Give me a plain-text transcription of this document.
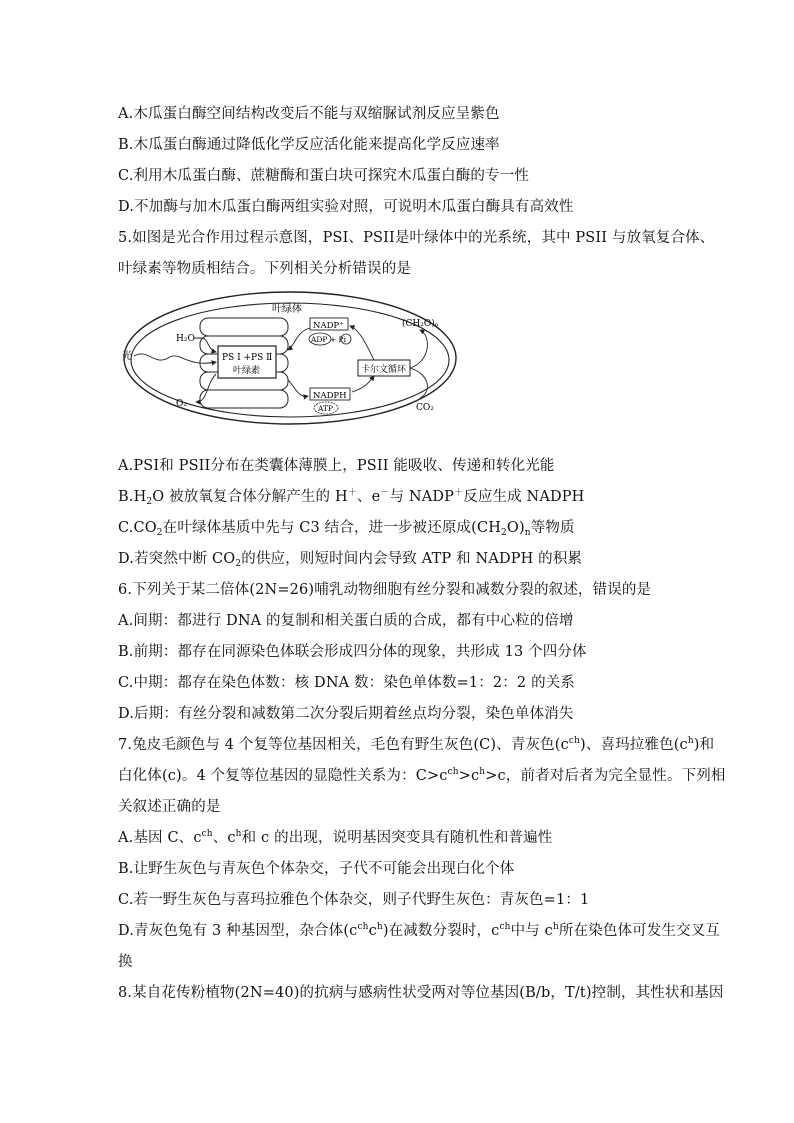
A.木瓜蛋白酶空间结构改变后不能与双缩脲试剂反应呈紫色
B.木瓜蛋白酶通过降低化学反应活化能来提高化学反应速率
C.利用木瓜蛋白酶、蔗糖酶和蛋白块可探究木瓜蛋白酶的专一性
D.不加酶与加木瓜蛋白酶两组实验对照，可说明木瓜蛋白酶具有高效性
5.如图是光合作用过程示意图，PSI、PSII是叶绿体中的光系统，其中 PSII 与放氧复合体、
叶绿素等物质相结合。下列相关分析错误的是
叶绿体
PS Ⅰ +PS Ⅱ
叶绿素
光
H₂O
O₂
NADP⁺
ADP + Pi
NADPH
ATP
卡尔文循环
(CH₂O)ₙ
CO₂
A.PSI和 PSII分布在类囊体薄膜上，PSII 能吸收、传递和转化光能
$B.H_2O$ 被放氧复合体分解产生的 H＋、e－与 NADP＋反应生成 NADPH
$C.CO_2$在叶绿体基质中先与 C3 结合，进一步被还原成$(CH_2O)_n$等物质
D.若突然中断 $CO_2$的供应，则短时间内会导致 ATP 和 NADPH 的积累
6.下列关于某二倍体(2N=26)哺乳动物细胞有丝分裂和减数分裂的叙述，错误的是
A.间期：都进行 DNA 的复制和相关蛋白质的合成，都有中心粒的倍增
B.前期：都存在同源染色体联会形成四分体的现象，共形成 13 个四分体
C.中期：都存在染色体数：核 DNA 数：染色单体数=1：2：2 的关系
D.后期：有丝分裂和减数第二次分裂后期着丝点均分裂，染色单体消失
7.兔皮毛颜色与 4 个复等位基因相关，毛色有野生灰色(C)、青灰色$(c^{ch})$、喜玛拉雅色$(c^h)$和
白化体(c)。4 个复等位基因的显隐性关系为：$C>c^{ch}>c^h>c$，前者对后者为完全显性。下列相
关叙述正确的是
A.基因 C、$c^{ch}$、$c^h$和 c 的出现，说明基因突变具有随机性和普遍性
B.让野生灰色与青灰色个体杂交，子代不可能会出现白化个体
C.若一野生灰色与喜玛拉雅色个体杂交，则子代野生灰色：青灰色=1：1
D.青灰色兔有 3 种基因型，杂合体$(c^{ch}c^h)$在减数分裂时，$c^{ch}$中与 $c^h$所在染色体可发生交叉互
换
8.某自花传粉植物(2N=40)的抗病与感病性状受两对等位基因(B/b，T/t)控制，其性状和基因
